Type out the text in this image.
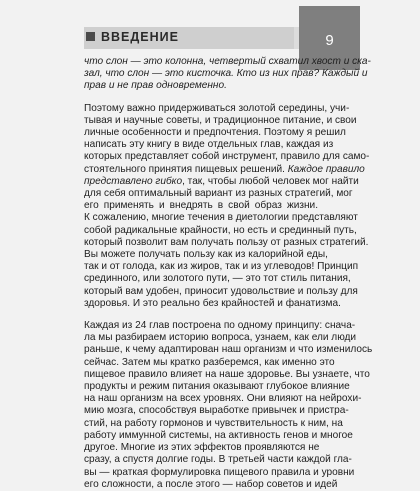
ВВЕДЕНИЕ	9

что слон — это колонна, четвертый схватил хвост и ска-
зал, что слон — это кисточка. Кто из них прав? Каждый и
прав и не прав одновременно.

Поэтому важно придерживаться золотой середины, учи-
тывая и научные советы, и традиционное питание, и свои
личные особенности и предпочтения. Поэтому я решил
написать эту книгу в виде отдельных глав, каждая из
которых представляет собой инструмент, правило для само-
стоятельного принятия пищевых решений. Каждое правило
представлено гибко, так, чтобы любой человек мог найти
для себя оптимальный вариант из разных стратегий, мог
его применять и внедрять в свой образ жизни.
К сожалению, многие течения в диетологии представляют
собой радикальные крайности, но есть и срединный путь,
который позволит вам получать пользу от разных стратегий.
Вы можете получать пользу как из калорийной еды,
так и от голода, как из жиров, так и из углеводов! Принцип
срединного, или золотого пути, — это тот стиль питания,
который вам удобен, приносит удовольствие и пользу для
здоровья. И это реально без крайностей и фанатизма.

Каждая из 24 глав построена по одному принципу: снача-
ла мы разбираем историю вопроса, узнаем, как ели люди
раньше, к чему адаптирован наш организм и что изменилось
сейчас. Затем мы кратко разберемся, как именно это
пищевое правило влияет на наше здоровье. Вы узнаете, что
продукты и режим питания оказывают глубокое влияние
на наш организм на всех уровнях. Они влияют на нейрохи-
мию мозга, способствуя выработке привычек и пристра-
стий, на работу гормонов и чувствительность к ним, на
работу иммунной системы, на активность генов и многое
другое. Многие из этих эффектов проявляются не
сразу, а спустя долгие годы. В третьей части каждой гла-
вы — краткая формулировка пищевого правила и уровни
его сложности, а после этого — набор советов и идей
